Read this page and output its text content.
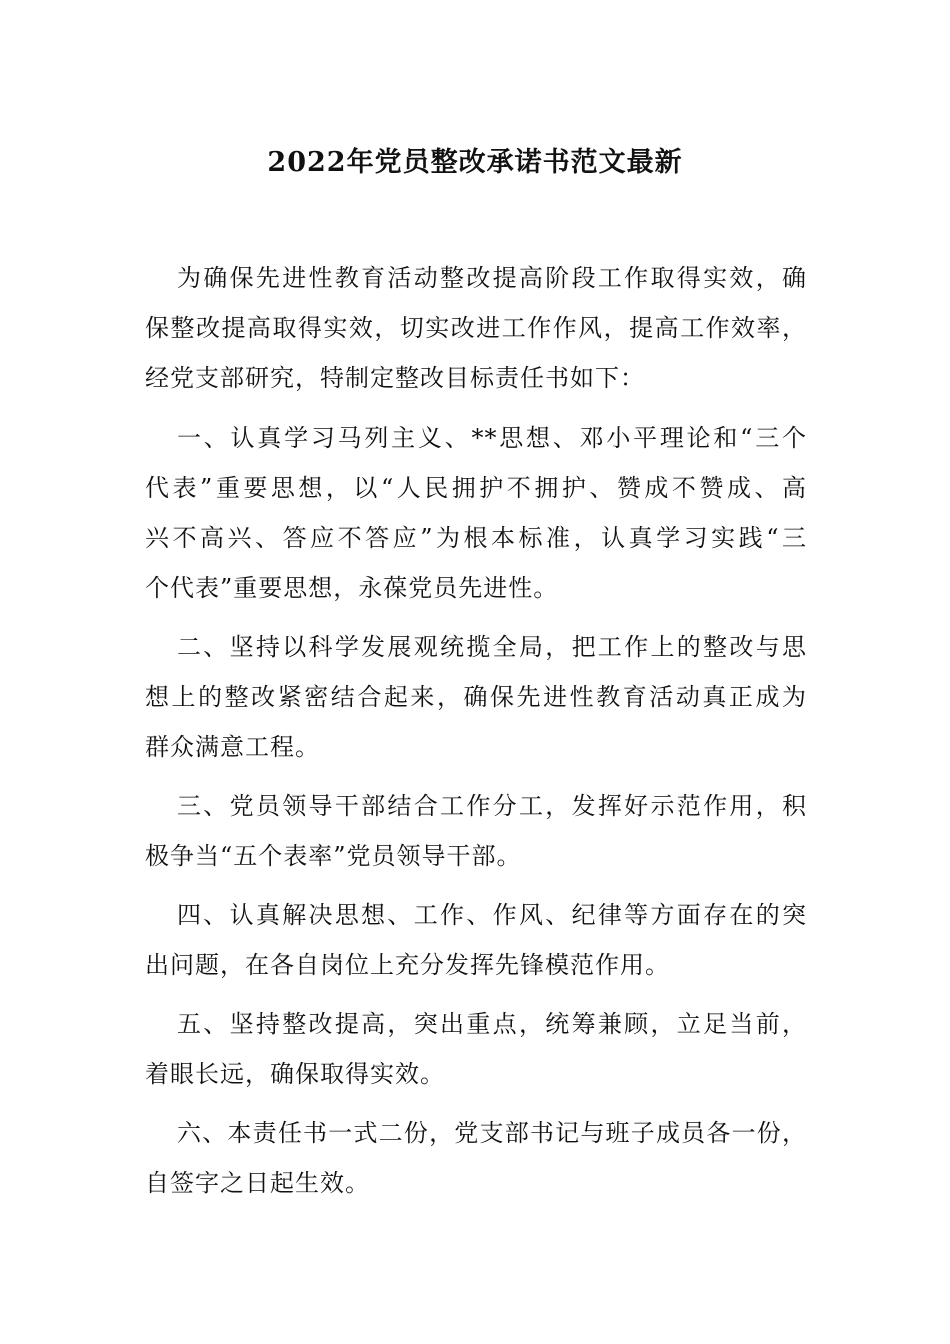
2022年党员整改承诺书范文最新
为确保先进性教育活动整改提高阶段工作取得实效，确
保整改提高取得实效，切实改进工作作风，提高工作效率，
经党支部研究，特制定整改目标责任书如下：
一、认真学习马列主义、**思想、邓小平理论和“三个
代表”重要思想，以“人民拥护不拥护、赞成不赞成、高
兴不高兴、答应不答应”为根本标准，认真学习实践“三
个代表”重要思想，永葆党员先进性。
二、坚持以科学发展观统揽全局，把工作上的整改与思
想上的整改紧密结合起来，确保先进性教育活动真正成为
群众满意工程。
三、党员领导干部结合工作分工，发挥好示范作用，积
极争当“五个表率”党员领导干部。
四、认真解决思想、工作、作风、纪律等方面存在的突
出问题，在各自岗位上充分发挥先锋模范作用。
五、坚持整改提高，突出重点，统筹兼顾，立足当前，
着眼长远，确保取得实效。
六、本责任书一式二份，党支部书记与班子成员各一份，
自签字之日起生效。
